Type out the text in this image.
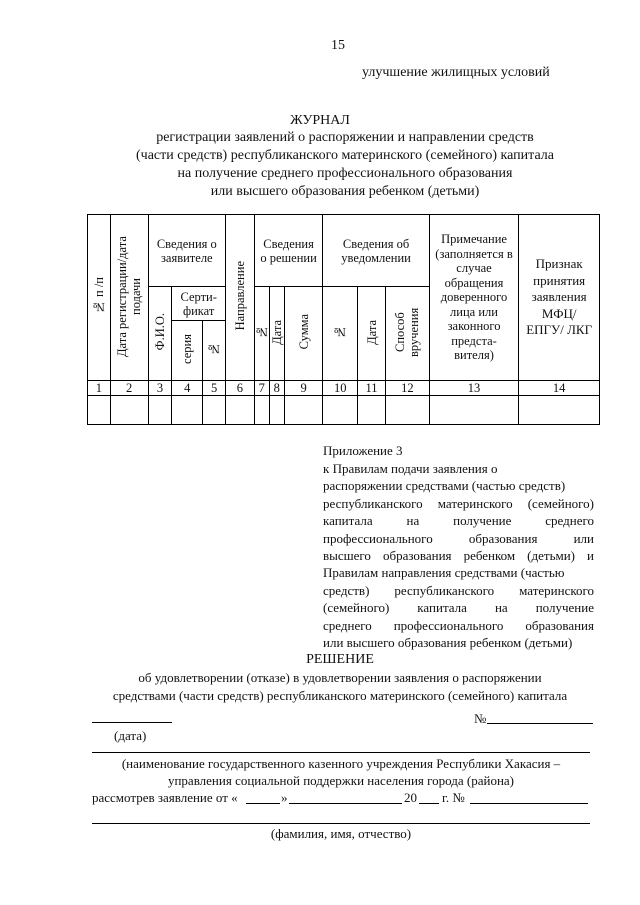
15
улучшение жилищных условий
ЖУРНАЛ
регистрации заявлений о распоряжении и направлении средств
(части средств) республиканского материнского (семейного) капитала
на получение среднего профессионального образования
или высшего образования ребенком (детьми)
№ п /п	Дата регистрации/дата подачи	Сведения о заявителе			Направление	Сведения о решении			Сведения об уведомлении			Примечание (заполняется в случае обращения доверенного лица или законного предста-вителя)	Признак принятия заявления МФЦ/ ЕПГУ/ ЛКГ
		Ф.И.О.	Серти-фикат			№	Дата	Сумма	№	Дата	Способ вручения		
			серия	№									
1	2	3	4	5	6	7	8	9	10	11	12	13	14

Приложение 3
к Правилам подачи заявления о
распоряжении средствами (частью средств)
республиканского материнского (семейного)
капитала на получение среднего
профессионального образования или
высшего образования ребенком (детьми) и
Правилам направления средствами (частью
средств) республиканского материнского
(семейного) капитала на получение
среднего профессионального образования
или высшего образования ребенком (детьми)
РЕШЕНИЕ
об удовлетворении (отказе) в удовлетворении заявления о распоряжении
средствами (части средств) республиканского материнского (семейного) капитала
№
(дата)
(наименование государственного казенного учреждения Республики Хакасия –
управления социальной поддержки населения города (района)
рассмотрев заявление от «	»	20 г. №
(фамилия, имя, отчество)
